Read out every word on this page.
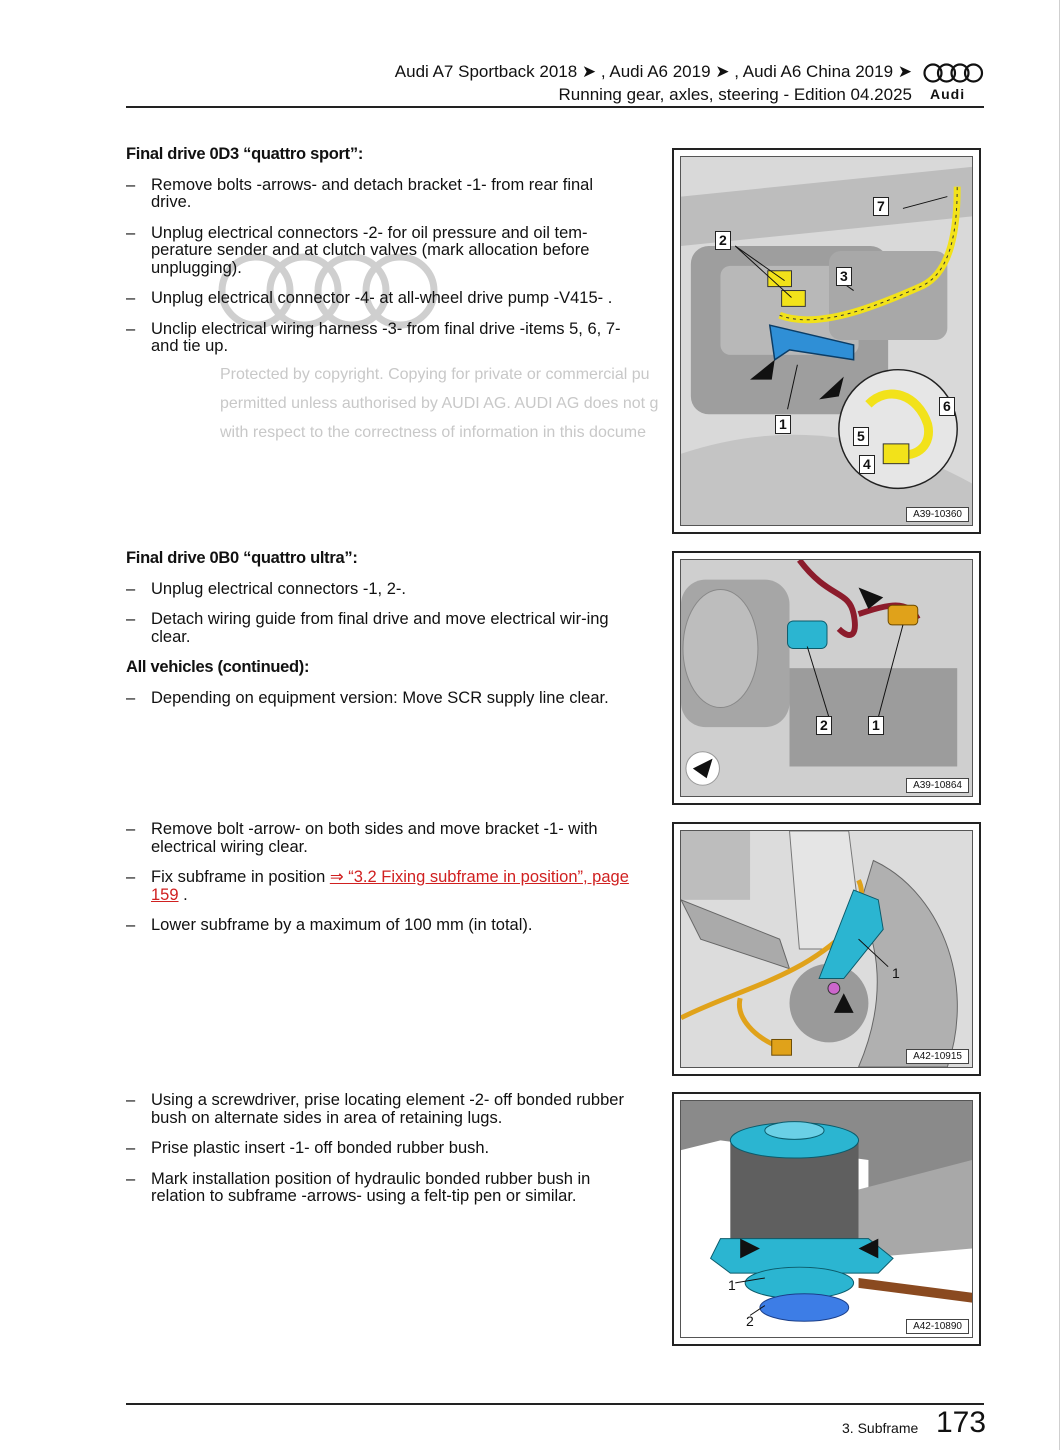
Audi A7 Sportback 2018 ➤ , Audi A6 2019 ➤ , Audi A6 China 2019 ➤
Running gear, axles, steering - Edition 04.2025 Audi
Final drive 0D3 “quattro sport”:
– Remove bolts -arrows- and detach bracket -1- from rear final drive.
– Unplug electrical connectors -2- for oil pressure and oil tem-perature sender and at clutch valves (mark allocation before unplugging).
– Unplug electrical connector -4- at all-wheel drive pump -V415- .
– Unclip electrical wiring harness -3- from final drive -items 5, 6, 7- and tie up.
Protected by copyright. Copying for private or commercial pu
permitted unless authorised by AUDI AG. AUDI AG does not g
with respect to the correctness of information in this docume
7
2
3
1
6
5
4
A39-10360
Final drive 0B0 “quattro ultra”:
– Unplug electrical connectors -1, 2-.
– Detach wiring guide from final drive and move electrical wir-ing clear.
All vehicles (continued):
– Depending on equipment version: Move SCR supply line clear.
2	1
A39-10864
– Remove bolt -arrow- on both sides and move bracket -1- with electrical wiring clear.
– Fix subframe in position ⇒ “3.2 Fixing subframe in position”, page 159 .
– Lower subframe by a maximum of 100 mm (in total).
1
A42-10915
– Using a screwdriver, prise locating element -2- off bonded rubber bush on alternate sides in area of retaining lugs.
– Prise plastic insert -1- off bonded rubber bush.
– Mark installation position of hydraulic bonded rubber bush in relation to subframe -arrows- using a felt-tip pen or similar.
1
2	A42-10890
3. Subframe 173
